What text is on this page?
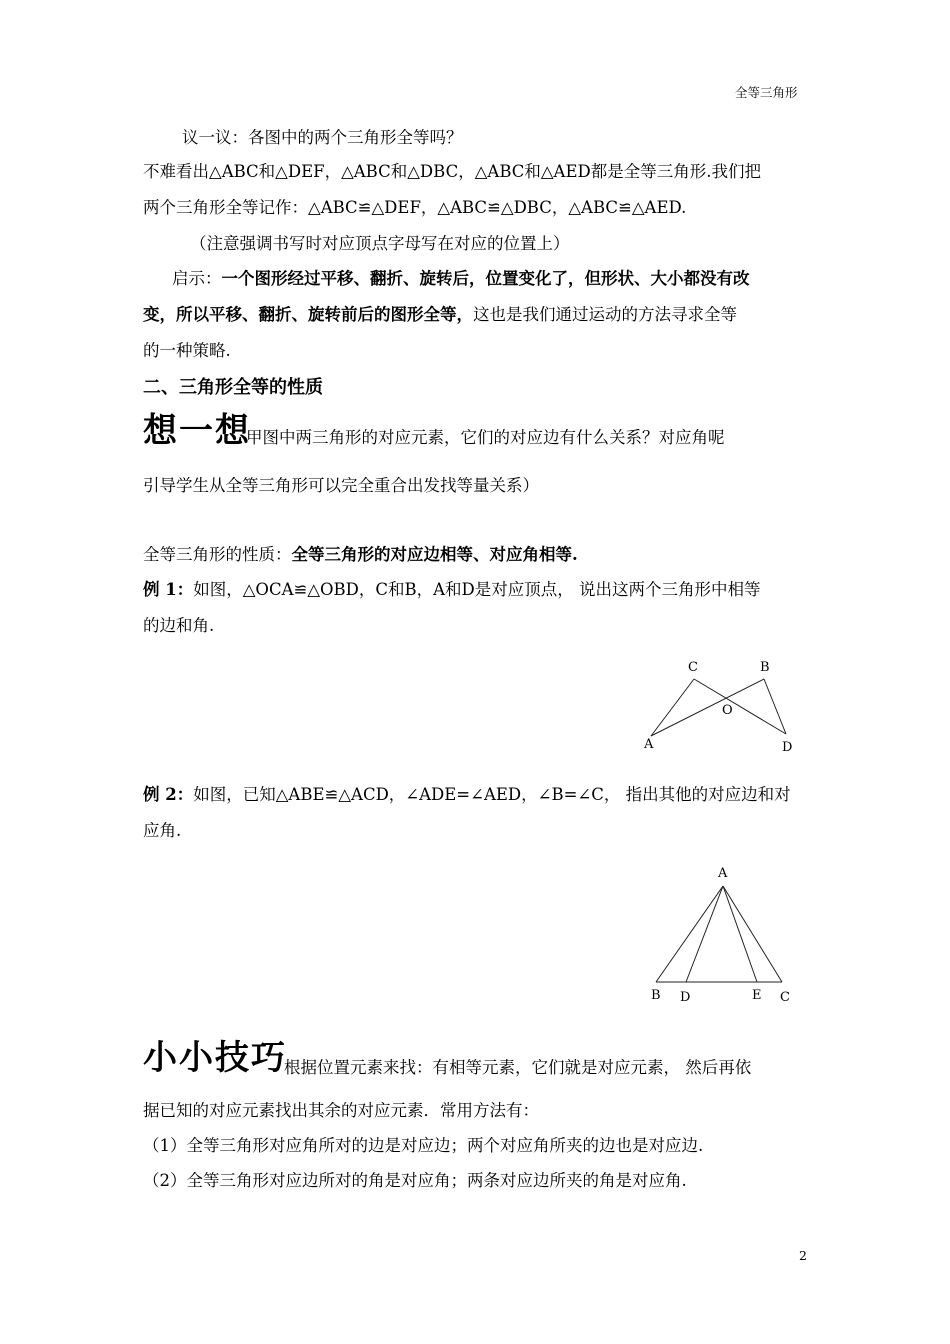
全等三角形
议一议：各图中的两个三角形全等吗？
不难看出△ABC和△DEF，△ABC和△DBC，△ABC和△AED都是全等三角形.我们把
两个三角形全等记作：△ABC≌△DEF，△ABC≌△DBC，△ABC≌△AED.
（注意强调书写时对应顶点字母写在对应的位置上）
启示：一个图形经过平移、翻折、旋转后，位置变化了，但形状、大小都没有改
变，所以平移、翻折、旋转前后的图形全等，这也是我们通过运动的方法寻求全等
的一种策略.
二、三角形全等的性质
想一想
甲图中两三角形的对应元素，它们的对应边有什么关系？对应角呢
引导学生从全等三角形可以完全重合出发找等量关系）
全等三角形的性质：全等三角形的对应边相等、对应角相等.
例 1：如图，△OCA≌△OBD，C和B，A和D是对应顶点， 说出这两个三角形中相等
的边和角.
C	B
O
A	D
例 2：如图，已知△ABE≌△ACD，∠ADE=∠AED，∠B=∠C， 指出其他的对应边和对
应角.
A
B D	E C
小小技巧
根据位置元素来找：有相等元素，它们就是对应元素， 然后再依
据已知的对应元素找出其余的对应元素．常用方法有：
（1）全等三角形对应角所对的边是对应边；两个对应角所夹的边也是对应边.
（2）全等三角形对应边所对的角是对应角；两条对应边所夹的角是对应角.
2
